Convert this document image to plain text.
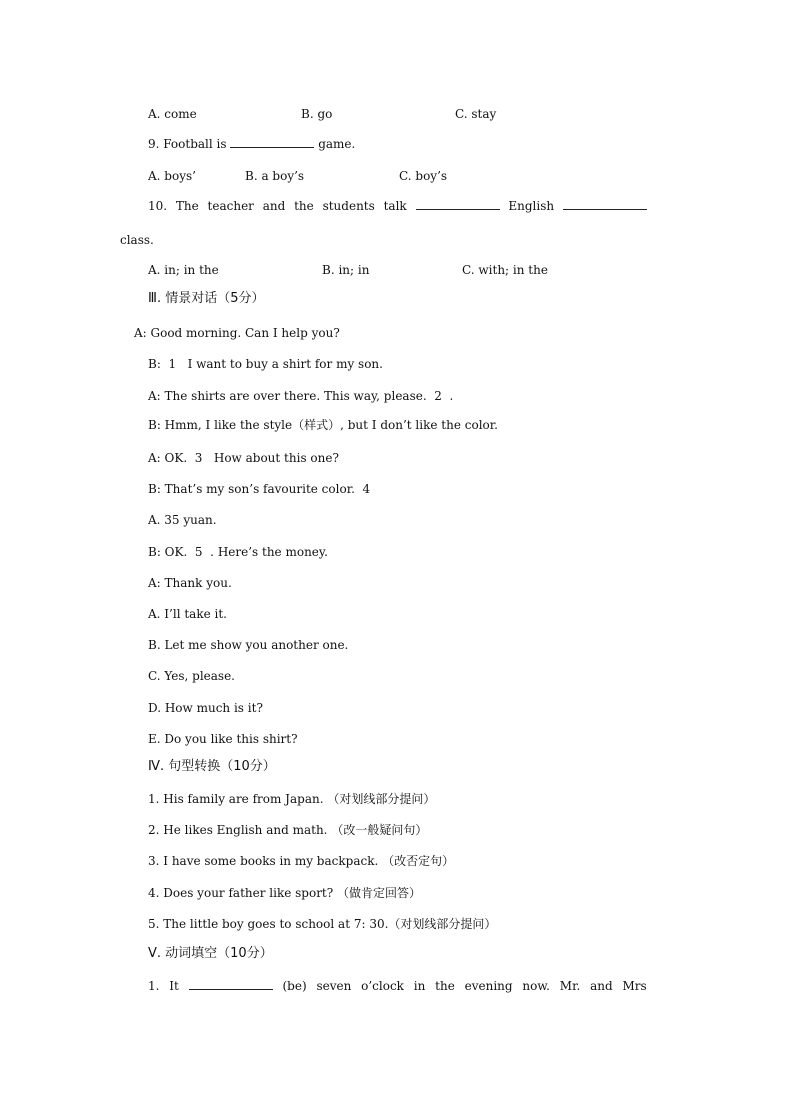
A. come	B. go	C. stay
9. Football is	game.
A. boys’	B. a boy’s	C. boy’s
10. The teacher and the students talk	English
class.
A. in; in the	B. in; in	C. with; in the
Ⅲ. 情景对话（5分）
A: Good morning. Can I help you?
B:  1   I want to buy a shirt for my son.
A: The shirts are over there. This way, please.  2  .
B: Hmm, I like the style（样式）, but I don’t like the color.
A: OK.  3   How about this one?
B: That’s my son’s favourite color.  4
A. 35 yuan.
B: OK.  5  . Here’s the money.
A: Thank you.
A. I’ll take it.
B. Let me show you another one.
C. Yes, please.
D. How much is it?
E. Do you like this shirt?
Ⅳ. 句型转换（10分）
1. His family are from Japan. （对划线部分提问）
2. He likes English and math. （改一般疑问句）
3. I have some books in my backpack. （改否定句）
4. Does your father like sport? （做肯定回答）
5. The little boy goes to school at 7: 30.（对划线部分提问）
Ⅴ. 动词填空（10分）
1. It	(be) seven o’clock in the evening now. Mr. and Mrs
